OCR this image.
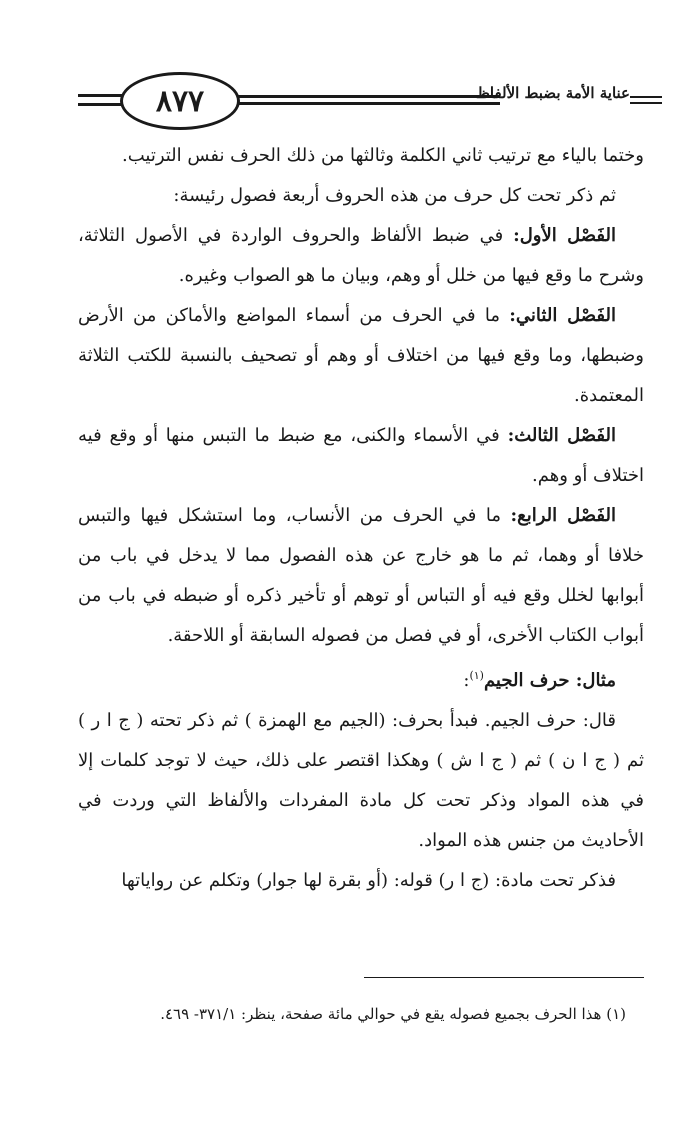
٨٧٧	عناية الأمة بضبط الألفاظ

وختما بالياء مع ترتيب ثاني الكلمة وثالثها من ذلك الحرف نفس الترتيب.

ثم ذكر تحت كل حرف من هذه الحروف أربعة فصول رئيسة:

الفَصْل الأول: في ضبط الألفاظ والحروف الواردة في الأصول الثلاثة، وشرح ما وقع فيها من خلل أو وهم، وبيان ما هو الصواب وغيره.

الفَصْل الثاني: ما في الحرف من أسماء المواضع والأماكن من الأرض وضبطها، وما وقع فيها من اختلاف أو وهم أو تصحيف بالنسبة للكتب الثلاثة المعتمدة.

الفَصْل الثالث: في الأسماء والكنى، مع ضبط ما التبس منها أو وقع فيه اختلاف أو وهم.

الفَصْل الرابع: ما في الحرف من الأنساب، وما استشكل فيها والتبس خلافا أو وهما، ثم ما هو خارج عن هذه الفصول مما لا يدخل في باب من أبوابها لخلل وقع فيه أو التباس أو توهم أو تأخير ذكره أو ضبطه في باب من أبواب الكتاب الأخرى، أو في فصل من فصوله السابقة أو اللاحقة.

مثال: حرف الجيم$^{(١)}$:

قال: حرف الجيم. فبدأ بحرف: (الجيم مع الهمزة ) ثم ذكر تحته ( ج ا ر ) ثم ( ج ا ن ) ثم ( ج ا ش ) وهكذا اقتصر على ذلك، حيث لا توجد كلمات إلا في هذه المواد وذكر تحت كل مادة المفردات والألفاظ التي وردت في الأحاديث من جنس هذه المواد.

فذكر تحت مادة: (ج ا ر) قوله: (أو بقرة لها جوار) وتكلم عن رواياتها

(١) هذا الحرف بجميع فصوله يقع في حوالي مائة صفحة، ينظر: ٣٧١/١- ٤٦٩.
